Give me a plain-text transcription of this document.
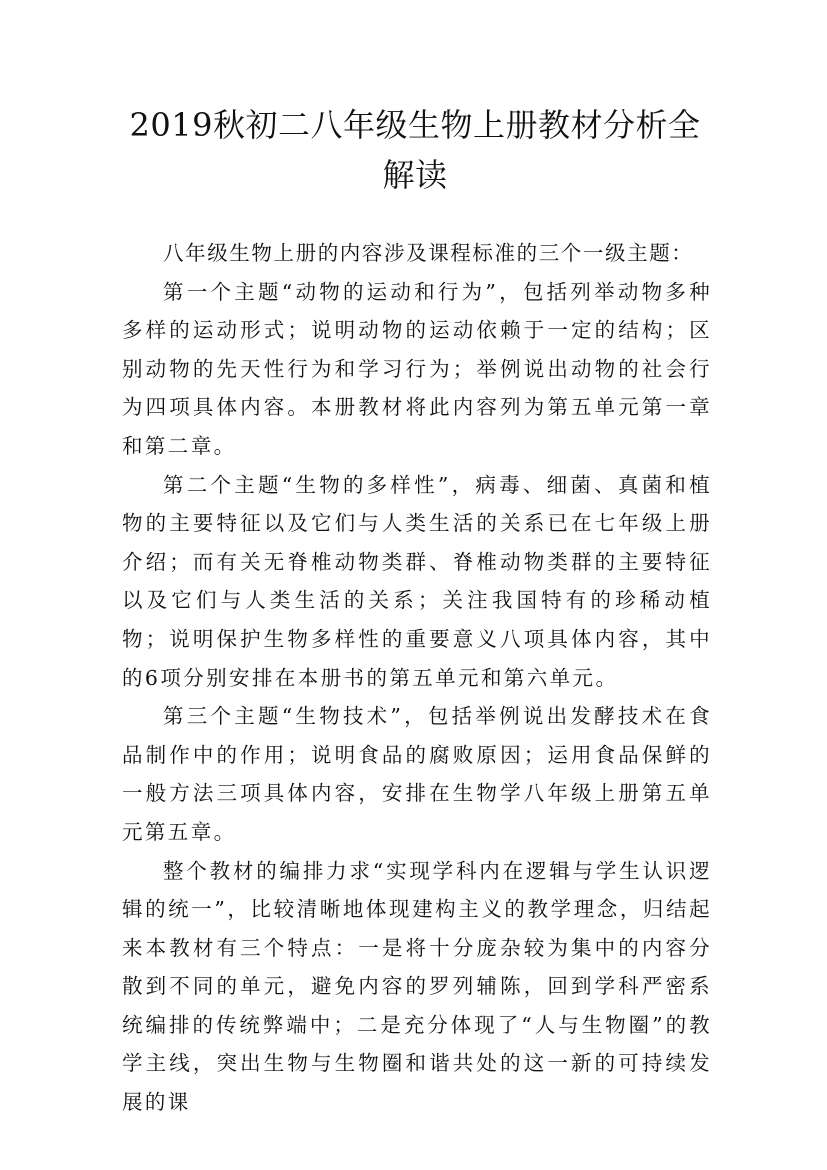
2019秋初二八年级生物上册教材分析全解读

八年级生物上册的内容涉及课程标准的三个一级主题：

第一个主题“动物的运动和行为”，包括列举动物多种多样的运动形式；说明动物的运动依赖于一定的结构；区别动物的先天性行为和学习行为；举例说出动物的社会行为四项具体内容。本册教材将此内容列为第五单元第一章和第二章。

第二个主题“生物的多样性”，病毒、细菌、真菌和植物的主要特征以及它们与人类生活的关系已在七年级上册介绍；而有关无脊椎动物类群、脊椎动物类群的主要特征以及它们与人类生活的关系；关注我国特有的珍稀动植物；说明保护生物多样性的重要意义八项具体内容，其中的6项分别安排在本册书的第五单元和第六单元。

第三个主题“生物技术”，包括举例说出发酵技术在食品制作中的作用；说明食品的腐败原因；运用食品保鲜的一般方法三项具体内容，安排在生物学八年级上册第五单元第五章。

整个教材的编排力求“实现学科内在逻辑与学生认识逻辑的统一”，比较清晰地体现建构主义的教学理念，归结起来本教材有三个特点：一是将十分庞杂较为集中的内容分散到不同的单元，避免内容的罗列辅陈，回到学科严密系统编排的传统弊端中；二是充分体现了“人与生物圈”的教学主线，突出生物与生物圈和谐共处的这一新的可持续发展的课
